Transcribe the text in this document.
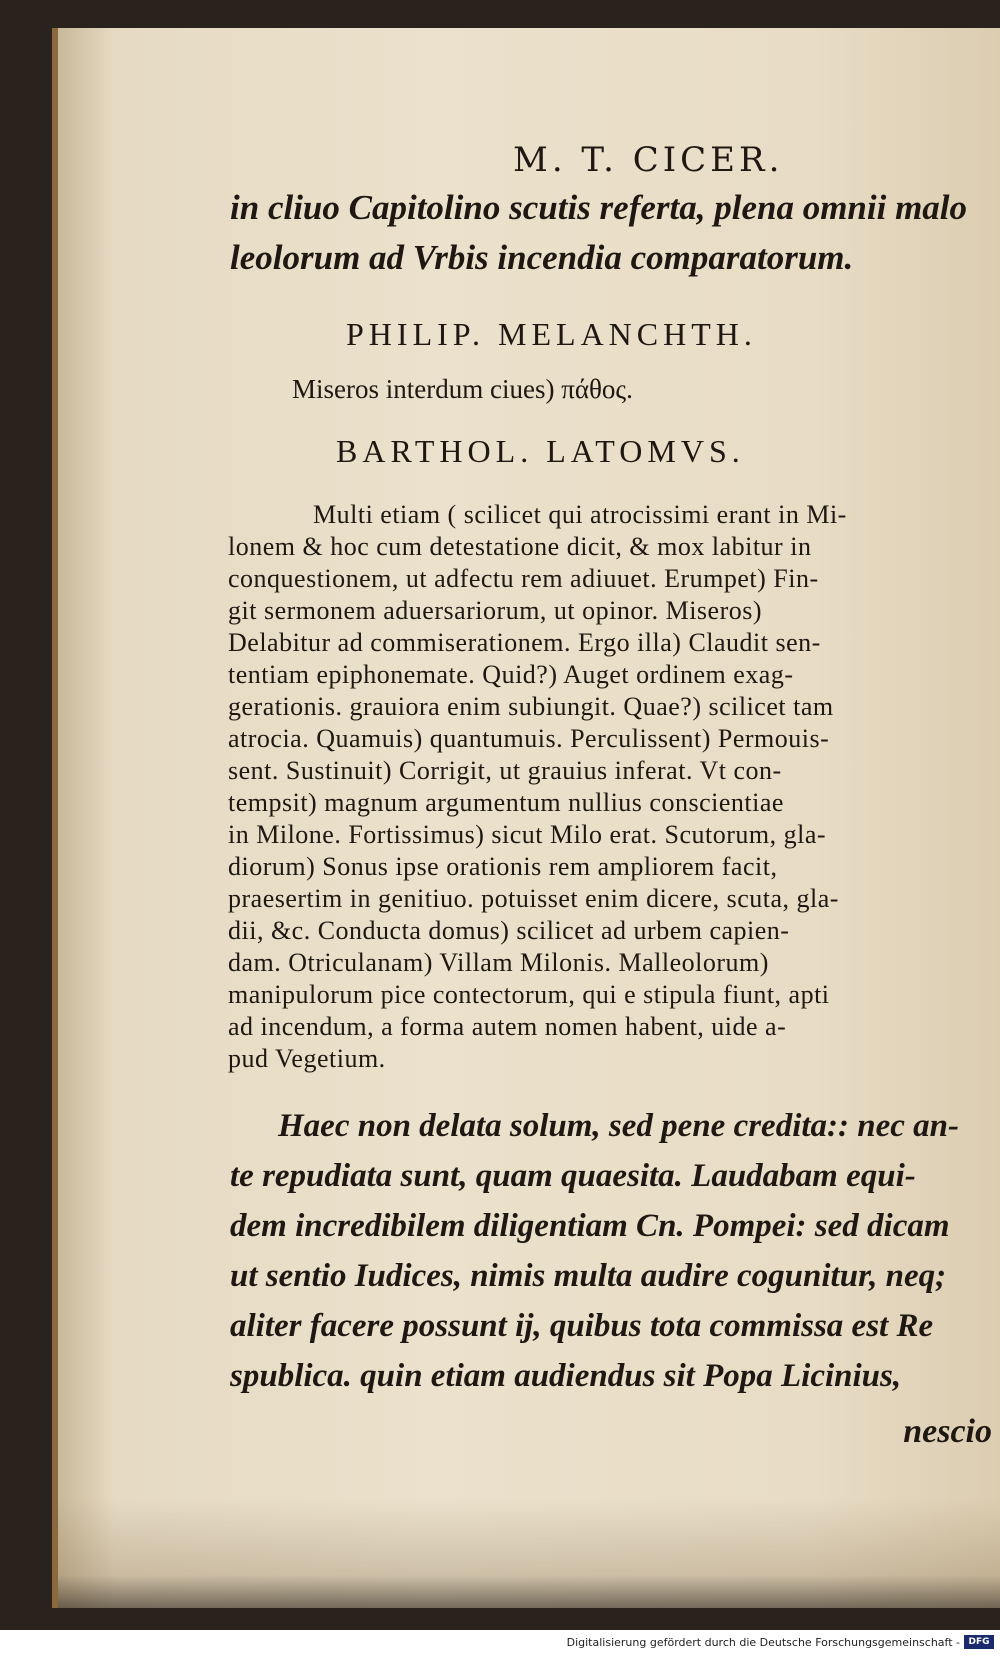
M. T. CICER.
in cliuo Capitolino scutis referta, plena omnii malo
leolorum ad Vrbis incendia comparatorum.
PHILIP. MELANCHTH.
Miseros interdum ciues) πάθος.
BARTHOL. LATOMVS.
Multi etiam ( scilicet qui atrocissimi erant in Mi-
lonem & hoc cum detestatione dicit, & mox labitur in
conquestionem, ut adfectu rem adiuuet. Erumpet) Fin-
git sermonem aduersariorum, ut opinor. Miseros)
Delabitur ad commiserationem. Ergo illa) Claudit sen-
tentiam epiphonemate. Quid?) Auget ordinem exag-
gerationis. grauiora enim subiungit. Quae?) scilicet tam
atrocia. Quamuis) quantumuis. Perculissent) Permouis-
sent. Sustinuit) Corrigit, ut grauius inferat. Vt con-
tempsit) magnum argumentum nullius conscientiae
in Milone. Fortissimus) sicut Milo erat. Scutorum, gla-
diorum) Sonus ipse orationis rem ampliorem facit,
praesertim in genitiuo. potuisset enim dicere, scuta, gla-
dii, &c. Conducta domus) scilicet ad urbem capien-
dam. Otriculanam) Villam Milonis. Malleolorum)
manipulorum pice contectorum, qui e stipula fiunt, apti
ad incendum, a forma autem nomen habent, uide a-
pud Vegetium.
Haec non delata solum, sed pene credita:: nec an-
te repudiata sunt, quam quaesita. Laudabam equi-
dem incredibilem diligentiam Cn. Pompei: sed dicam
ut sentio Iudices, nimis multa audire cogunitur, neq;
aliter facere possunt ij, quibus tota commissa est Re
spublica. quin etiam audiendus sit Popa Licinius,
nescio
Digitalisierung gefördert durch die Deutsche Forschungsgemeinschaft - DFG
